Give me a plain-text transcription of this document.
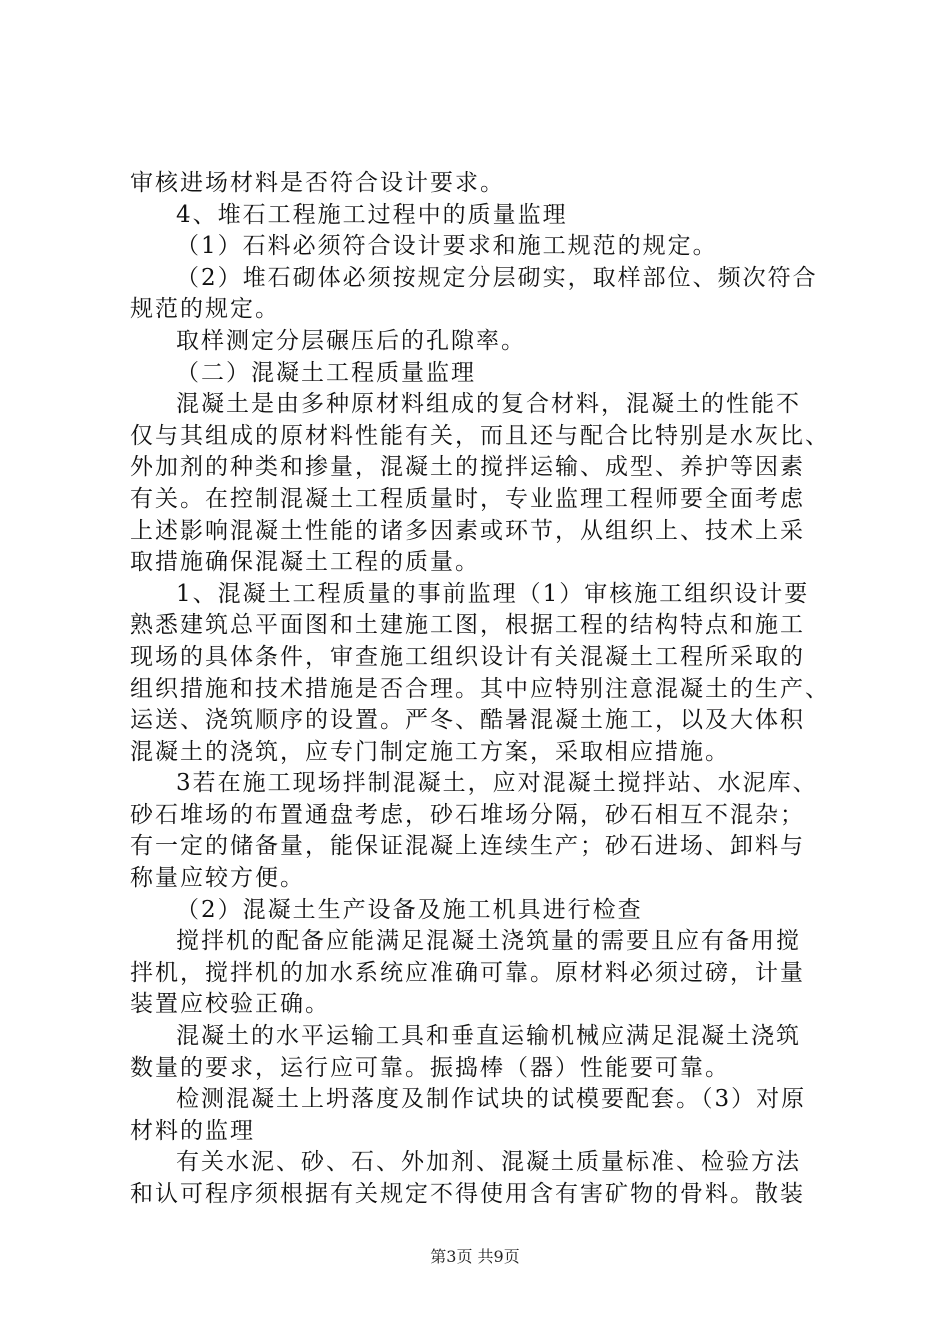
审核进场材料是否符合设计要求。
4、堆石工程施工过程中的质量监理
（1）石料必须符合设计要求和施工规范的规定。
（2）堆石砌体必须按规定分层砌实，取样部位、频次符合
规范的规定。
取样测定分层碾压后的孔隙率。
（二）混凝土工程质量监理
混凝土是由多种原材料组成的复合材料，混凝土的性能不
仅与其组成的原材料性能有关，而且还与配合比特别是水灰比、
外加剂的种类和掺量，混凝土的搅拌运输、成型、养护等因素
有关。在控制混凝土工程质量时，专业监理工程师要全面考虑
上述影响混凝土性能的诸多因素或环节，从组织上、技术上采
取措施确保混凝土工程的质量。
1、混凝土工程质量的事前监理（1）审核施工组织设计要
熟悉建筑总平面图和土建施工图，根据工程的结构特点和施工
现场的具体条件，审查施工组织设计有关混凝土工程所采取的
组织措施和技术措施是否合理。其中应特别注意混凝土的生产、
运送、浇筑顺序的设置。严冬、酷暑混凝土施工，以及大体积
混凝土的浇筑，应专门制定施工方案，采取相应措施。
3若在施工现场拌制混凝土，应对混凝土搅拌站、水泥库、
砂石堆场的布置通盘考虑，砂石堆场分隔，砂石相互不混杂；
有一定的储备量，能保证混凝上连续生产；砂石进场、卸料与
称量应较方便。
（2）混凝土生产设备及施工机具进行检查
搅拌机的配备应能满足混凝土浇筑量的需要且应有备用搅
拌机，搅拌机的加水系统应准确可靠。原材料必须过磅，计量
装置应校验正确。
混凝土的水平运输工具和垂直运输机械应满足混凝土浇筑
数量的要求，运行应可靠。振捣棒（器）性能要可靠。
检测混凝土上坍落度及制作试块的试模要配套。（3）对原
材料的监理
有关水泥、砂、石、外加剂、混凝土质量标准、检验方法
和认可程序须根据有关规定不得使用含有害矿物的骨料。散装
第3页 共9页
